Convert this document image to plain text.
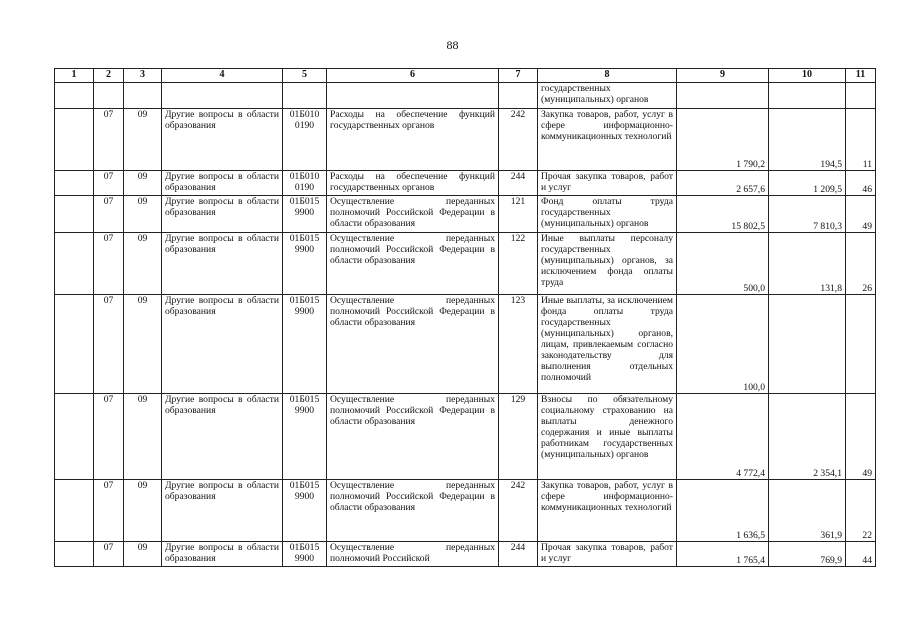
88
1	2	3	4	5	6	7	8	9	10	11
							государственных (муниципальных) органов			
	07	09	Другие вопросы в области образования	01Б010 0190	Расходы на обеспечение функций государственных органов	242	Закупка товаров, работ, услуг в сфере информационно-коммуникационных технологий	1 790,2	194,5	11
	07	09	Другие вопросы в области образования	01Б010 0190	Расходы на обеспечение функций государственных органов	244	Прочая закупка товаров, работ и услуг	2 657,6	1 209,5	46
	07	09	Другие вопросы в области образования	01Б015 9900	Осуществление переданных полномочий Российской Федерации в области образования	121	Фонд оплаты труда государственных (муниципальных) органов	15 802,5	7 810,3	49
	07	09	Другие вопросы в области образования	01Б015 9900	Осуществление переданных полномочий Российской Федерации в области образования	122	Иные выплаты персоналу государственных (муниципальных) органов, за исключением фонда оплаты труда	500,0	131,8	26
	07	09	Другие вопросы в области образования	01Б015 9900	Осуществление переданных полномочий Российской Федерации в области образования	123	Иные выплаты, за исключением фонда оплаты труда государственных (муниципальных) органов, лицам, привлекаемым согласно законодательству для выполнения отдельных полномочий	100,0		
	07	09	Другие вопросы в области образования	01Б015 9900	Осуществление переданных полномочий Российской Федерации в области образования	129	Взносы по обязательному социальному страхованию на выплаты денежного содержания и иные выплаты работникам государственных (муниципальных) органов	4 772,4	2 354,1	49
	07	09	Другие вопросы в области образования	01Б015 9900	Осуществление переданных полномочий Российской Федерации в области образования	242	Закупка товаров, работ, услуг в сфере информационно-коммуникационных технологий	1 636,5	361,9	22
	07	09	Другие вопросы в области образования	01Б015 9900	Осуществление переданных полномочий Российской	244	Прочая закупка товаров, работ и услуг	1 765,4	769,9	44
